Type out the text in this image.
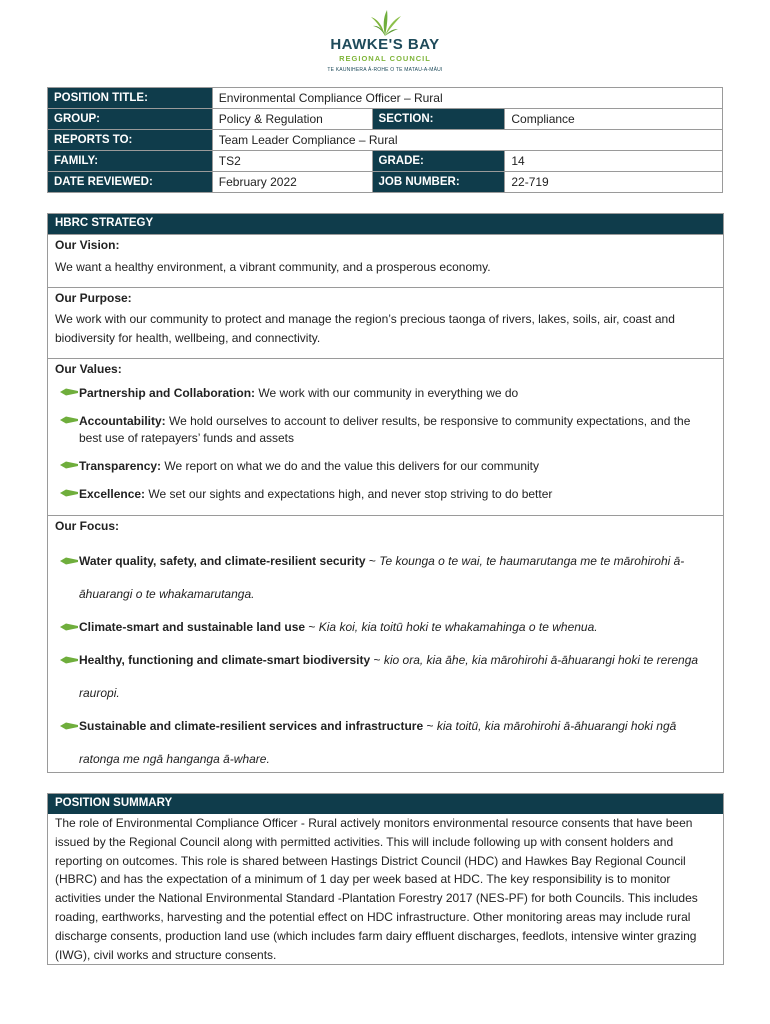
HAWKE'S BAY
REGIONAL COUNCIL
TE KAUNIHERA Ā-ROHE O TE MATAU-A-MĀUI
POSITION TITLE:	Environmental Compliance Officer – Rural		
GROUP:	Policy & Regulation	SECTION:	Compliance
REPORTS TO:	Team Leader Compliance – Rural		
FAMILY:	TS2	GRADE:	14
DATE REVIEWED:	February 2022	JOB NUMBER:	22-719
HBRC STRATEGY
Our Vision:
We want a healthy environment, a vibrant community, and a prosperous economy.
Our Purpose:
We work with our community to protect and manage the region’s precious taonga of rivers, lakes, soils, air, coast and biodiversity for health, wellbeing, and connectivity.
Our Values:
Partnership and Collaboration: We work with our community in everything we do
Accountability: We hold ourselves to account to deliver results, be responsive to community expectations, and the best use of ratepayers’ funds and assets
Transparency: We report on what we do and the value this delivers for our community
Excellence: We set our sights and expectations high, and never stop striving to do better
Our Focus:
Water quality, safety, and climate-resilient security ~ Te kounga o te wai, te haumarutanga me te mārohirohi ā-āhuarangi o te whakamarutanga.
Climate-smart and sustainable land use ~ Kia koi, kia toitū hoki te whakamahinga o te whenua.
Healthy, functioning and climate-smart biodiversity ~ kio ora, kia āhe, kia mārohirohi ā-āhuarangi hoki te rerenga rauropi.
Sustainable and climate-resilient services and infrastructure ~ kia toitū, kia mārohirohi ā-āhuarangi hoki ngā ratonga me ngā hanganga ā-whare.
POSITION SUMMARY
The role of Environmental Compliance Officer - Rural actively monitors environmental resource consents that have been issued by the Regional Council along with permitted activities. This will include following up with consent holders and reporting on outcomes. This role is shared between Hastings District Council (HDC) and Hawkes Bay Regional Council (HBRC) and has the expectation of a minimum of 1 day per week based at HDC. The key responsibility is to monitor activities under the National Environmental Standard -Plantation Forestry 2017 (NES-PF) for both Councils. This includes roading, earthworks, harvesting and the potential effect on HDC infrastructure. Other monitoring areas may include rural discharge consents, production land use (which includes farm dairy effluent discharges, feedlots, intensive winter grazing (IWG), civil works and structure consents.
